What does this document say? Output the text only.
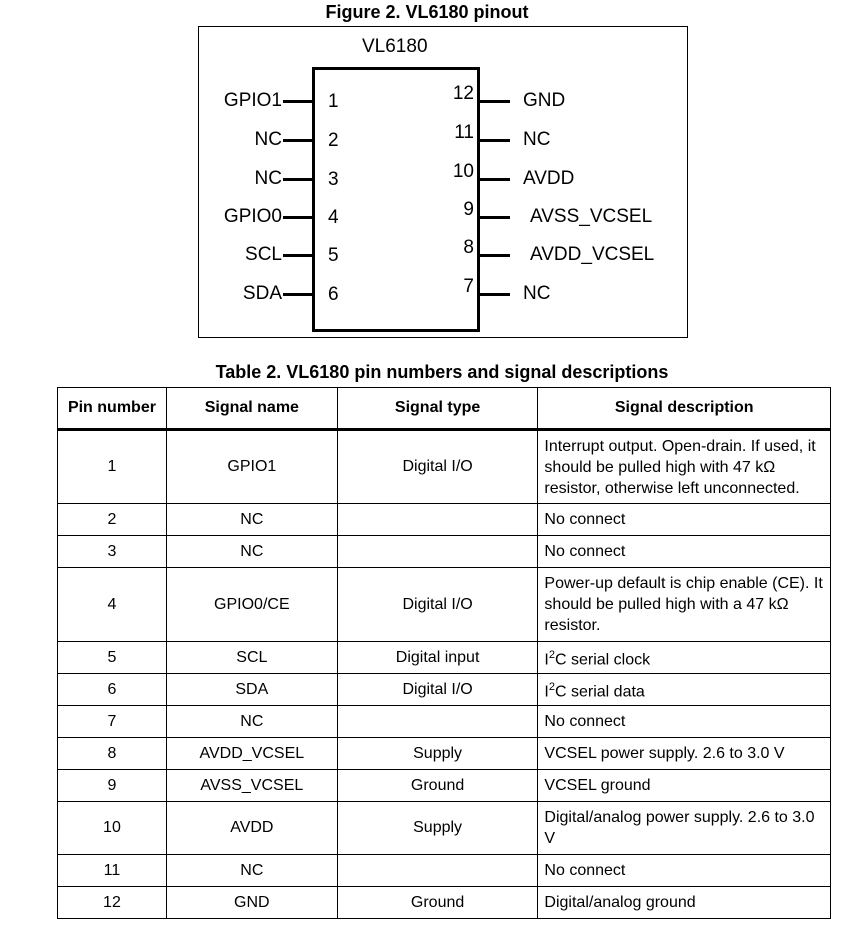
Figure 2. VL6180 pinout
VL6180
GPIO1 1
NC 2
NC 3
GPIO0 4
SCL 5
SDA 6
12	GND
11	NC
10	AVDD
9	AVSS_VCSEL
8	AVDD_VCSEL
7	NC
Table 2. VL6180 pin numbers and signal descriptions
Pin number	Signal name	Signal type	Signal description
1	GPIO1	Digital I/O	Interrupt output. Open-drain. If used, it should be pulled high with 47 kΩ resistor, otherwise left unconnected.
2	NC		No connect
3	NC		No connect
4	GPIO0/CE	Digital I/O	Power-up default is chip enable (CE). It should be pulled high with a 47 kΩ resistor.
5	SCL	Digital input	$I^2C$ serial clock
6	SDA	Digital I/O	$I^2C$ serial data
7	NC		No connect
8	AVDD_VCSEL	Supply	VCSEL power supply. 2.6 to 3.0 V
9	AVSS_VCSEL	Ground	VCSEL ground
10	AVDD	Supply	Digital/analog power supply. 2.6 to 3.0 V
11	NC		No connect
12	GND	Ground	Digital/analog ground
